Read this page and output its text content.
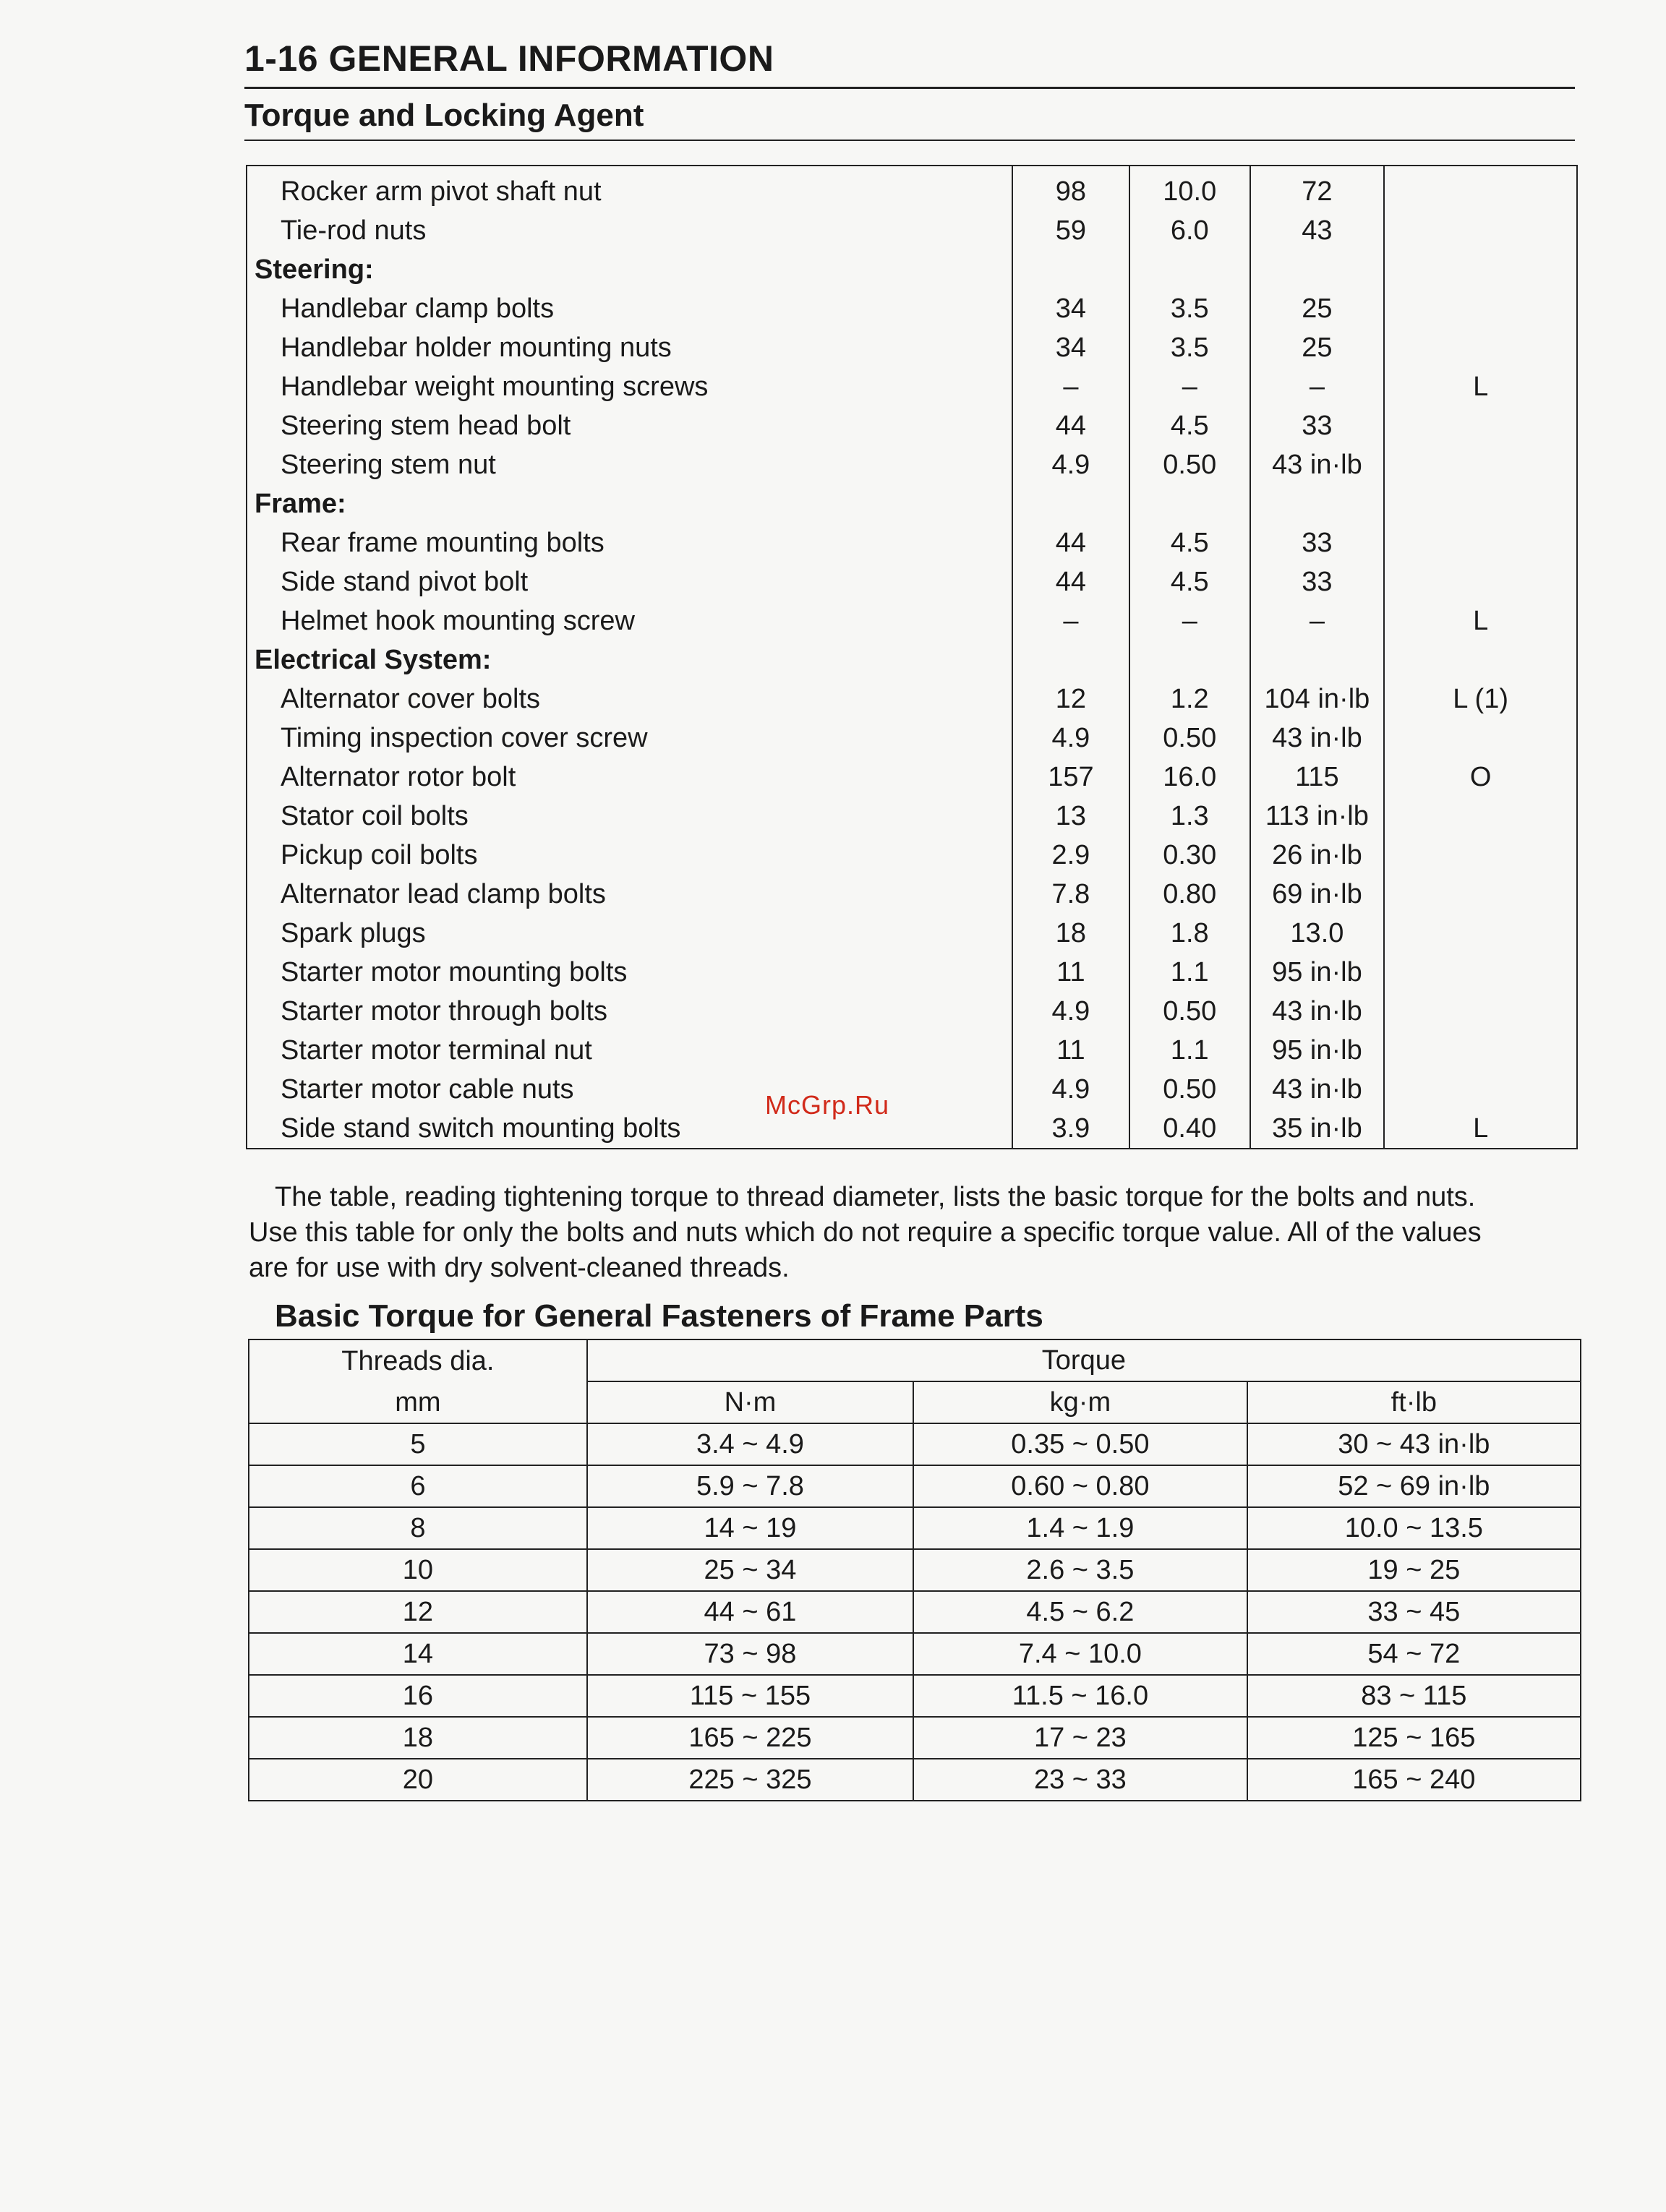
1-16 GENERAL INFORMATION
Torque and Locking Agent
Rocker arm pivot shaft nut	98	10.0	72	
Tie-rod nuts	59	6.0	43	
Steering:				
Handlebar clamp bolts	34	3.5	25	
Handlebar holder mounting nuts	34	3.5	25	
Handlebar weight mounting screws	–	–	–	L
Steering stem head bolt	44	4.5	33	
Steering stem nut	4.9	0.50	43 in·lb	
Frame:				
Rear frame mounting bolts	44	4.5	33	
Side stand pivot bolt	44	4.5	33	
Helmet hook mounting screw	–	–	–	L
Electrical System:				
Alternator cover bolts	12	1.2	104 in·lb	L (1)
Timing inspection cover screw	4.9	0.50	43 in·lb	
Alternator rotor bolt	157	16.0	115	O
Stator coil bolts	13	1.3	113 in·lb	
Pickup coil bolts	2.9	0.30	26 in·lb	
Alternator lead clamp bolts	7.8	0.80	69 in·lb	
Spark plugs	18	1.8	13.0	
Starter motor mounting bolts	11	1.1	95 in·lb	
Starter motor through bolts	4.9	0.50	43 in·lb	
Starter motor terminal nut	11	1.1	95 in·lb	
Starter motor cable nuts	4.9	0.50	43 in·lb	
Side stand switch mounting bolts	3.9	0.40	35 in·lb	L
McGrp.Ru
The table, reading tightening torque to thread diameter, lists the basic torque for the bolts and nuts.
Use this table for only the bolts and nuts which do not require a specific torque value. All of the values
are for use with dry solvent-cleaned threads.
Basic Torque for General Fasteners of Frame Parts
Threads dia.	Torque		
mm	N·m	kg·m	ft·lb
5	3.4 ~ 4.9	0.35 ~ 0.50	30 ~ 43 in·lb
6	5.9 ~ 7.8	0.60 ~ 0.80	52 ~ 69 in·lb
8	14 ~ 19	1.4 ~ 1.9	10.0 ~ 13.5
10	25 ~ 34	2.6 ~ 3.5	19 ~ 25
12	44 ~ 61	4.5 ~ 6.2	33 ~ 45
14	73 ~ 98	7.4 ~ 10.0	54 ~ 72
16	115 ~ 155	11.5 ~ 16.0	83 ~ 115
18	165 ~ 225	17 ~ 23	125 ~ 165
20	225 ~ 325	23 ~ 33	165 ~ 240
